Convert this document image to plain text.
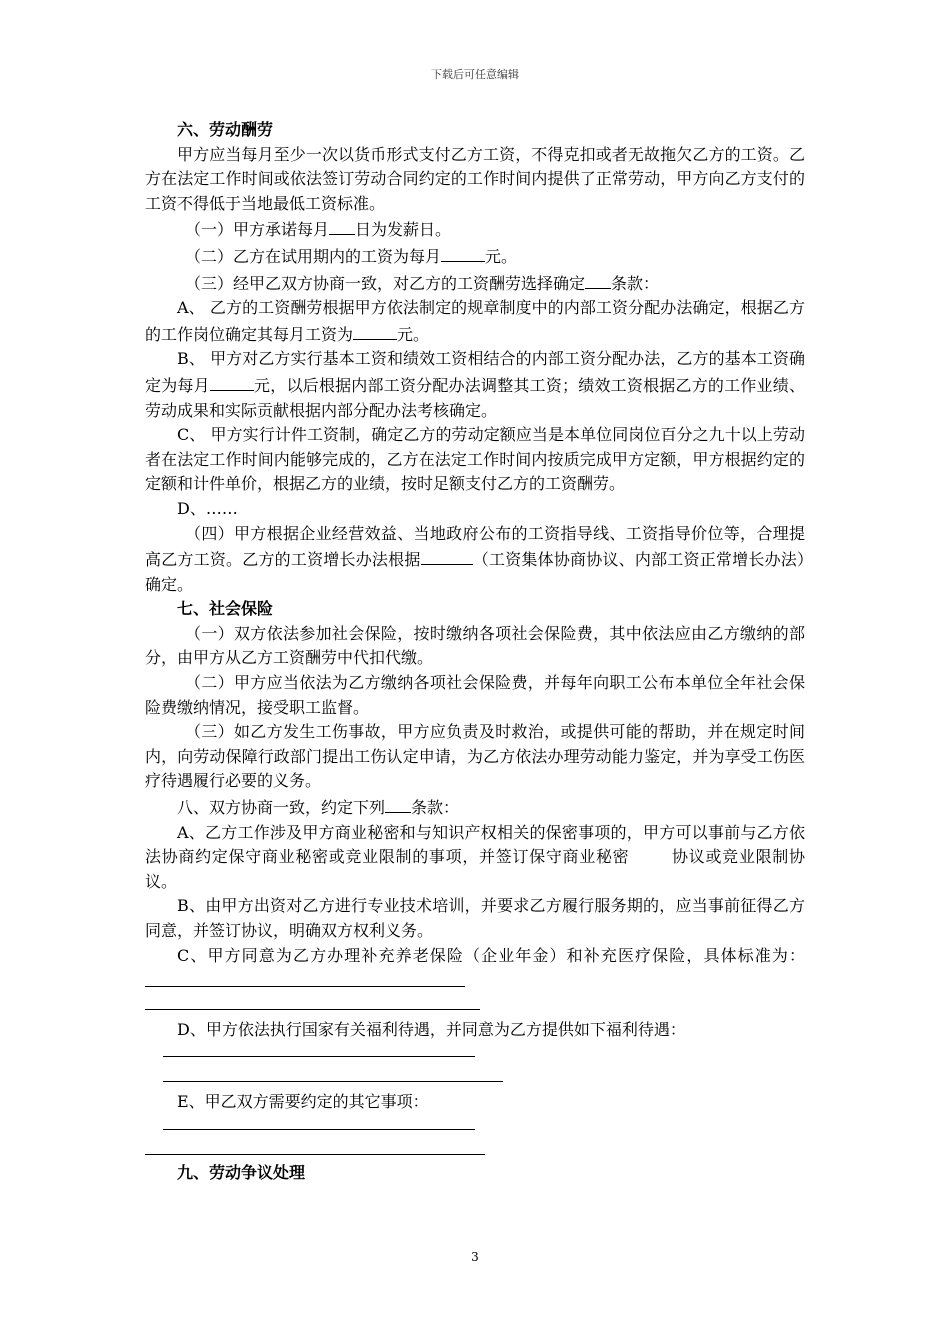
下载后可任意编辑

六、劳动酬劳

甲方应当每月至少一次以货币形式支付乙方工资，不得克扣或者无故拖欠乙方的工资。乙方在法定工作时间或依法签订劳动合同约定的工作时间内提供了正常劳动，甲方向乙方支付的工资不得低于当地最低工资标准。

（一）甲方承诺每月 日为发薪日。

（二）乙方在试用期内的工资为每月	元。

（三）经甲乙双方协商一致，对乙方的工资酬劳选择确定 条款：

A、 乙方的工资酬劳根据甲方依法制定的规章制度中的内部工资分配办法确定，根据乙方的工作岗位确定其每月工资为	元。

B、 甲方对乙方实行基本工资和绩效工资相结合的内部工资分配办法，乙方的基本工资确定为每月	元，以后根据内部工资分配办法调整其工资；绩效工资根据乙方的工作业绩、劳动成果和实际贡献根据内部分配办法考核确定。

C、 甲方实行计件工资制，确定乙方的劳动定额应当是本单位同岗位百分之九十以上劳动者在法定工作时间内能够完成的，乙方在法定工作时间内按质完成甲方定额，甲方根据约定的定额和计件单价，根据乙方的业绩，按时足额支付乙方的工资酬劳。

D、……

（四）甲方根据企业经营效益、当地政府公布的工资指导线、工资指导价位等，合理提高乙方工资。乙方的工资增长办法根据	（工资集体协商协议、内部工资正常增长办法）确定。

七、社会保险

（一）双方依法参加社会保险，按时缴纳各项社会保险费，其中依法应由乙方缴纳的部分，由甲方从乙方工资酬劳中代扣代缴。

（二）甲方应当依法为乙方缴纳各项社会保险费，并每年向职工公布本单位全年社会保险费缴纳情况，接受职工监督。

（三）如乙方发生工伤事故，甲方应负责及时救治，或提供可能的帮助，并在规定时间内，向劳动保障行政部门提出工伤认定申请，为乙方依法办理劳动能力鉴定，并为享受工伤医疗待遇履行必要的义务。

八、双方协商一致，约定下列 条款：

A、乙方工作涉及甲方商业秘密和与知识产权相关的保密事项的，甲方可以事前与乙方依法协商约定保守商业秘密或竞业限制的事项，并签订保守商业秘密	协议或竞业限制协议。

B、由甲方出资对乙方进行专业技术培训，并要求乙方履行服务期的，应当事前征得乙方同意，并签订协议，明确双方权利义务。

C、甲方同意为乙方办理补充养老保险（企业年金）和补充医疗保险，具体标准为：

D、甲方依法执行国家有关福利待遇，并同意为乙方提供如下福利待遇：

E、甲乙双方需要约定的其它事项：

九、劳动争议处理

3
